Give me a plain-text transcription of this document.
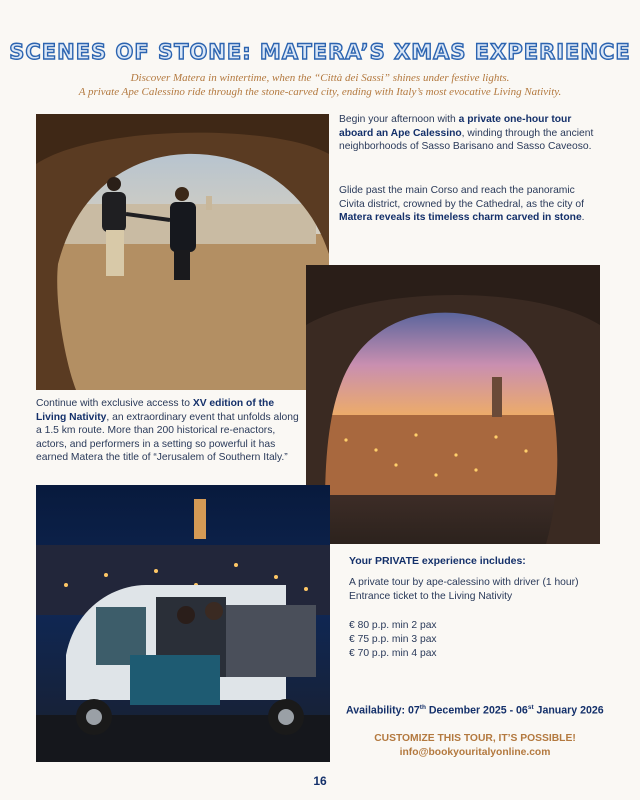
SCENES OF STONE: MATERA’S XMAS EXPERIENCE
Discover Matera in wintertime, when the “Città dei Sassi” shines under festive lights.
A private Ape Calessino ride through the stone-carved city, ending with Italy’s most evocative Living Nativity.

Begin your afternoon with a private one-hour tour aboard an Ape Calessino, winding through the ancient neighborhoods of Sasso Barisano and Sasso Caveoso.

Glide past the main Corso and reach the panoramic Civita district, crowned by the Cathedral, as the city of Matera reveals its timeless charm carved in stone.

Continue with exclusive access to XV edition of the Living Nativity, an extraordinary event that unfolds along a 1.5 km route. More than 200 historical re-enactors, actors, and performers in a setting so powerful it has earned Matera the title of “Jerusalem of Southern Italy.”

Your PRIVATE experience includes:
A private tour by ape-calessino with driver (1 hour)
Entrance ticket to the Living Nativity
€ 80 p.p. min 2 pax
€ 75 p.p. min 3 pax
€ 70 p.p. min 4 pax
Availability: 07th December 2025 - 06st January 2026
CUSTOMIZE THIS TOUR, IT’S POSSIBLE!
info@bookyouritalyonline.com
16
